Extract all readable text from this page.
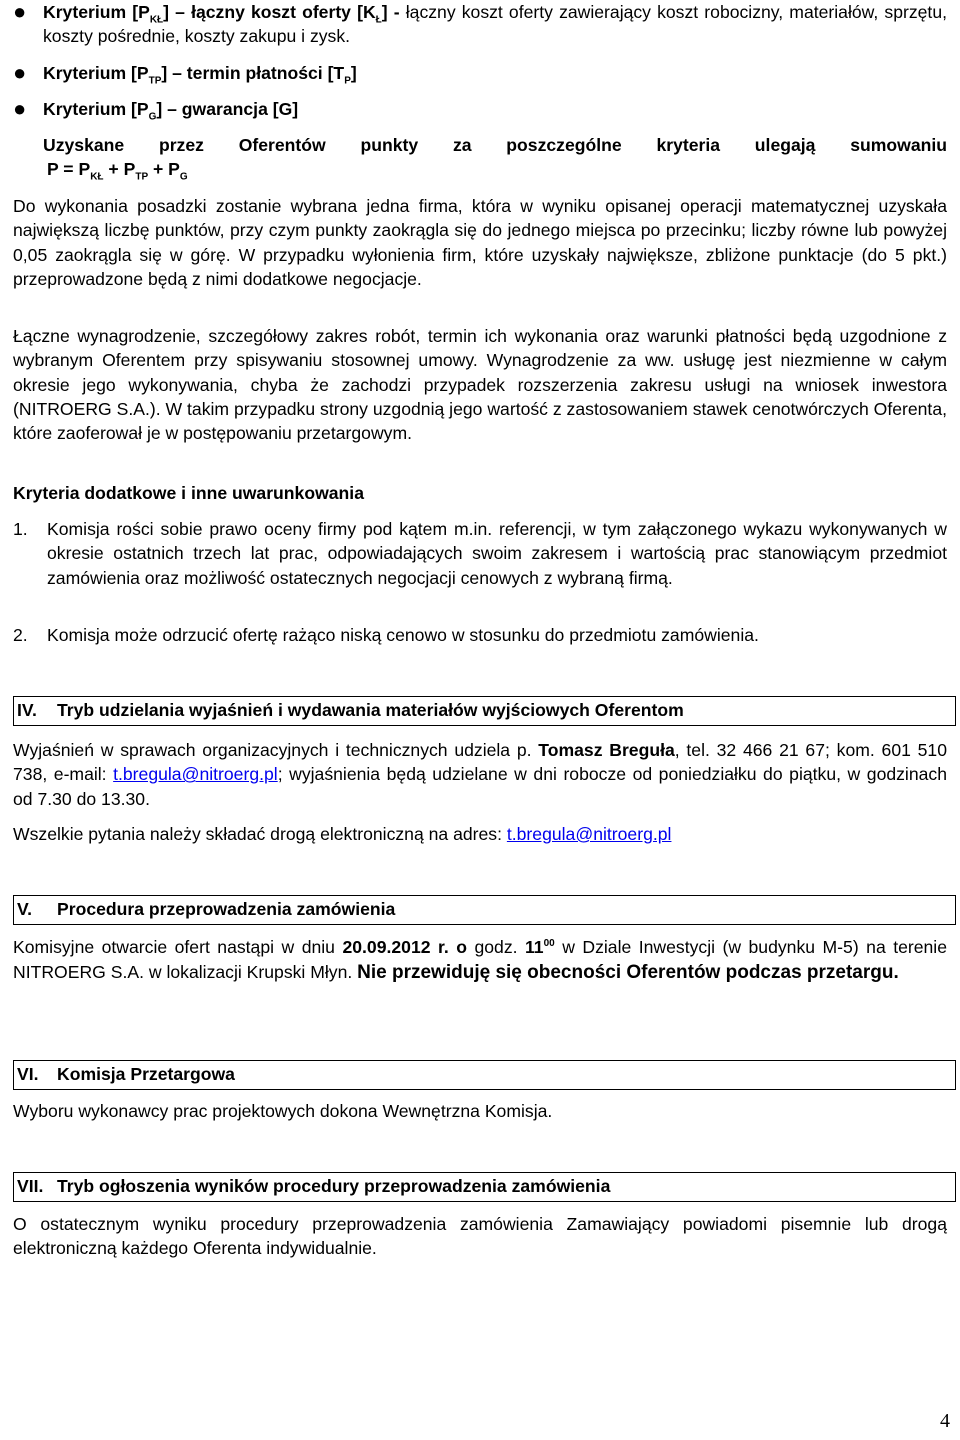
● Kryterium $[P_{KŁ}]$ – łączny koszt oferty $[K_Ł]$ - łączny koszt oferty zawierający koszt robocizny, materiałów, sprzętu, koszty pośrednie, koszty zakupu i zysk.
● Kryterium $[P_{TP}]$ – termin płatności $[T_P]$
● Kryterium $[P_G]$ – gwarancja [G]
Uzyskane przez Oferentów punkty za poszczególne kryteria ulegają sumowaniu
$P = P_{KŁ} + P_{TP} + P_G$
Do wykonania posadzki zostanie wybrana jedna firma, która w wyniku opisanej operacji matematycznej uzyskała największą liczbę punktów, przy czym punkty zaokrągla się do jednego miejsca po przecinku; liczby równe lub powyżej 0,05 zaokrągla się w górę. W przypadku wyłonienia firm, które uzyskały największe, zbliżone punktacje (do 5 pkt.) przeprowadzone będą z nimi dodatkowe negocjacje.
Łączne wynagrodzenie, szczegółowy zakres robót, termin ich wykonania oraz warunki płatności będą uzgodnione z wybranym Oferentem przy spisywaniu stosownej umowy. Wynagrodzenie za ww. usługę jest niezmienne w całym okresie jego wykonywania, chyba że zachodzi przypadek rozszerzenia zakresu usługi na wniosek inwestora (NITROERG S.A.). W takim przypadku strony uzgodnią jego wartość z zastosowaniem stawek cenotwórczych Oferenta, które zaoferował je w postępowaniu przetargowym.
Kryteria dodatkowe i inne uwarunkowania
1.	Komisja rości sobie prawo oceny firmy pod kątem m.in. referencji, w tym załączonego wykazu wykonywanych w okresie ostatnich trzech lat prac, odpowiadających swoim zakresem i wartością prac stanowiącym przedmiot zamówienia oraz możliwość ostatecznych negocjacji cenowych z wybraną firmą.
2.	Komisja może odrzucić ofertę rażąco niską cenowo w stosunku do przedmiotu zamówienia.
IV.	Tryb udzielania wyjaśnień i wydawania materiałów wyjściowych Oferentom
Wyjaśnień w sprawach organizacyjnych i technicznych udziela p. Tomasz Breguła, tel. 32 466 21 67; kom. 601 510 738, e-mail: t.bregula@nitroerg.pl; wyjaśnienia będą udzielane w dni robocze od poniedziałku do piątku, w godzinach od 7.30 do 13.30.
Wszelkie pytania należy składać drogą elektroniczną na adres: t.bregula@nitroerg.pl
V.	Procedura przeprowadzenia zamówienia
Komisyjne otwarcie ofert nastąpi w dniu 20.09.2012 r. o godz. $11^{00}$ w Dziale Inwestycji (w budynku M-5) na terenie NITROERG S.A. w lokalizacji Krupski Młyn. Nie przewiduję się obecności Oferentów podczas przetargu.
VI.	Komisja Przetargowa
Wyboru wykonawcy prac projektowych dokona Wewnętrzna Komisja.
VII. Tryb ogłoszenia wyników procedury przeprowadzenia zamówienia
O ostatecznym wyniku procedury przeprowadzenia zamówienia Zamawiający powiadomi pisemnie lub drogą elektroniczną każdego Oferenta indywidualnie.
4
